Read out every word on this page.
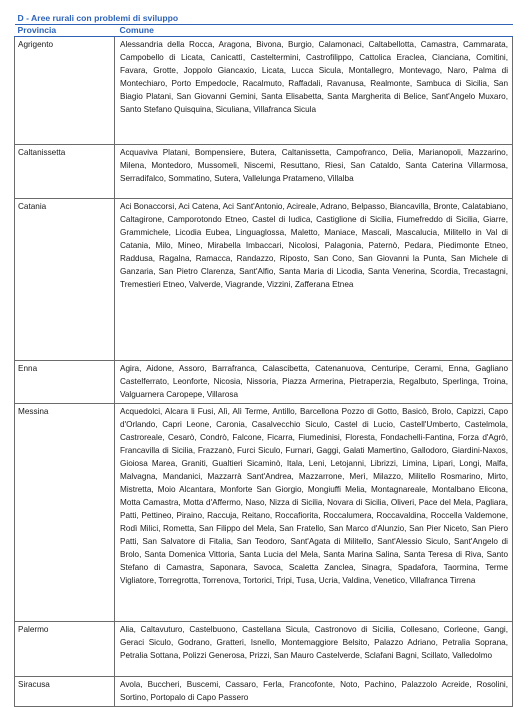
D - Aree rurali con problemi di sviluppo	
Provincia	Comune
Agrigento	Alessandria della Rocca, Aragona, Bivona, Burgio, Calamonaci, Caltabellotta, Camastra, Cammarata, Campobello di Licata, Canicattì, Casteltermini, Castrofilippo, Cattolica Eraclea, Cianciana, Comitini, Favara, Grotte, Joppolo Giancaxio, Licata, Lucca Sicula, Montallegro, Montevago, Naro, Palma di Montechiaro, Porto Empedocle, Racalmuto, Raffadali, Ravanusa, Realmonte, Sambuca di Sicilia, San Biagio Platani, San Giovanni Gemini, Santa Elisabetta, Santa Margherita di Belice, Sant'Angelo Muxaro, Santo Stefano Quisquina, Siculiana, Villafranca Sicula
Caltanissetta	Acquaviva Platani, Bompensiere, Butera, Caltanissetta, Campofranco, Delia, Marianopoli, Mazzarino, Milena, Montedoro, Mussomeli, Niscemi, Resuttano, Riesi, San Cataldo, Santa Caterina Villarmosa, Serradifalco, Sommatino, Sutera, Vallelunga Pratameno, Villalba
Catania	Aci Bonaccorsi, Aci Catena, Aci Sant'Antonio, Acireale, Adrano, Belpasso, Biancavilla, Bronte, Calatabiano, Caltagirone, Camporotondo Etneo, Castel di Iudica, Castiglione di Sicilia, Fiumefreddo di Sicilia, Giarre, Grammichele, Licodia Eubea, Linguaglossa, Maletto, Maniace, Mascali, Mascalucia, Militello in Val di Catania, Milo, Mineo, Mirabella Imbaccari, Nicolosi, Palagonia, Paternò, Pedara, Piedimonte Etneo, Raddusa, Ragalna, Ramacca, Randazzo, Riposto, San Cono, San Giovanni la Punta, San Michele di Ganzaria, San Pietro Clarenza, Sant'Alfio, Santa Maria di Licodia, Santa Venerina, Scordia, Trecastagni, Tremestieri Etneo, Valverde, Viagrande, Vizzini, Zafferana Etnea
Enna	Agira, Aidone, Assoro, Barrafranca, Calascibetta, Catenanuova, Centuripe, Cerami, Enna, Gagliano Castelferrato, Leonforte, Nicosia, Nissoria, Piazza Armerina, Pietraperzia, Regalbuto, Sperlinga, Troina, Valguarnera Caropepe, Villarosa
Messina	Acquedolci, Alcara li Fusi, Alì, Alì Terme, Antillo, Barcellona Pozzo di Gotto, Basicò, Brolo, Capizzi, Capo d'Orlando, Capri Leone, Caronia, Casalvecchio Siculo, Castel di Lucio, Castell'Umberto, Castelmola, Castroreale, Cesarò, Condrò, Falcone, Ficarra, Fiumedinisi, Floresta, Fondachelli-Fantina, Forza d'Agrò, Francavilla di Sicilia, Frazzanò, Furci Siculo, Furnari, Gaggi, Galati Mamertino, Gallodoro, Giardini-Naxos, Gioiosa Marea, Graniti, Gualtieri Sicaminò, Itala, Leni, Letojanni, Librizzi, Limina, Lipari, Longi, Malfa, Malvagna, Mandanici, Mazzarrà Sant'Andrea, Mazzarrone, Merì, Milazzo, Militello Rosmarino, Mirto, Mistretta, Moio Alcantara, Monforte San Giorgio, Mongiuffi Melia, Montagnareale, Montalbano Elicona, Motta Camastra, Motta d'Affermo, Naso, Nizza di Sicilia, Novara di Sicilia, Oliveri, Pace del Mela, Pagliara, Patti, Pettineo, Piraino, Raccuja, Reitano, Roccafiorita, Roccalumera, Roccavaldina, Roccella Valdemone, Rodì Milici, Rometta, San Filippo del Mela, San Fratello, San Marco d'Alunzio, San Pier Niceto, San Piero Patti, San Salvatore di Fitalia, San Teodoro, Sant'Agata di Militello, Sant'Alessio Siculo, Sant'Angelo di Brolo, Santa Domenica Vittoria, Santa Lucia del Mela, Santa Marina Salina, Santa Teresa di Riva, Santo Stefano di Camastra, Saponara, Savoca, Scaletta Zanclea, Sinagra, Spadafora, Taormina, Terme Vigliatore, Torregrotta, Torrenova, Tortorici, Tripi, Tusa, Ucria, Valdina, Venetico, Villafranca Tirrena
Palermo	Alia, Caltavuturo, Castelbuono, Castellana Sicula, Castronovo di Sicilia, Collesano, Corleone, Gangi, Geraci Siculo, Godrano, Gratteri, Isnello, Montemaggiore Belsito, Palazzo Adriano, Petralia Soprana, Petralia Sottana, Polizzi Generosa, Prizzi, San Mauro Castelverde, Sclafani Bagni, Scillato, Valledolmo
Siracusa	Avola, Buccheri, Buscemi, Cassaro, Ferla, Francofonte, Noto, Pachino, Palazzolo Acreide, Rosolini, Sortino, Portopalo di Capo Passero
